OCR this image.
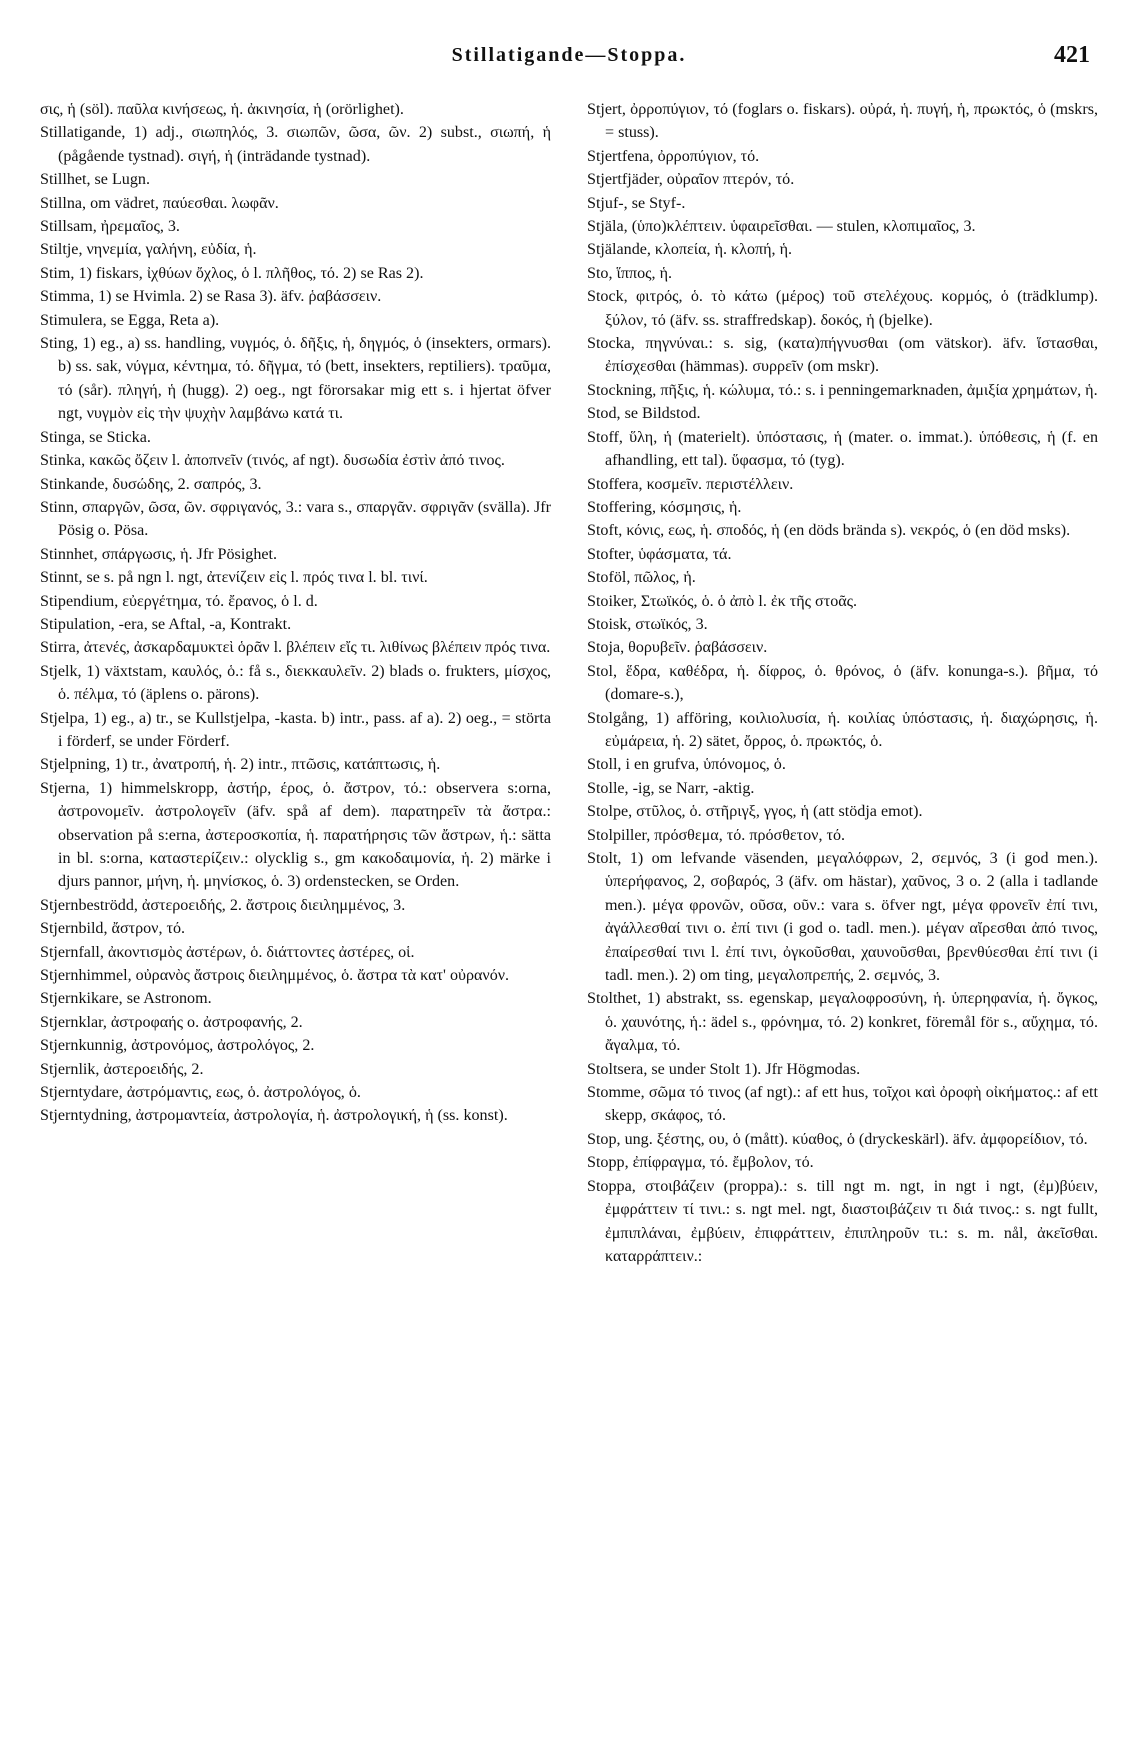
Stillatigande—Stoppa.	421

σις, ἡ (söl). παῦλα κινήσεως, ἡ. ἀκινησία, ἡ (orörlighet).

Stillatigande, 1) adj., σιωπηλός, 3. σιωπῶν, ῶσα, ῶν. 2) subst., σιωπή, ἡ (pågående tystnad). σιγή, ἡ (inträdande tystnad).

Stillhet, se Lugn.

Stillna, om vädret, παύεσθαι. λωφᾶν.

Stillsam, ἠρεμαῖος, 3.

Stiltje, νηνεμία, γαλήνη, εὐδία, ἡ.

Stim, 1) fiskars, ἰχθύων ὄχλος, ὁ l. πλῆθος, τό. 2) se Ras 2).

Stimma, 1) se Hvimla. 2) se Rasa 3). äfv. ῥαβάσσειν.

Stimulera, se Egga, Reta a).

Sting, 1) eg., a) ss. handling, νυγμός, ὁ. δῆξις, ἡ, δηγμός, ὁ (insekters, ormars). b) ss. sak, νύγμα, κέντημα, τό. δῆγμα, τό (bett, insekters, reptiliers). τραῦμα, τό (sår). πληγή, ἡ (hugg). 2) oeg., ngt förorsakar mig ett s. i hjertat öfver ngt, νυγμὸν εἰς τὴν ψυχὴν λαμβάνω κατά τι.

Stinga, se Sticka.

Stinka, κακῶς ὄζειν l. ἀποπνεῖν (τινός, af ngt). δυσωδία ἐστὶν ἀπό τινος.

Stinkande, δυσώδης, 2. σαπρός, 3.

Stinn, σπαργῶν, ῶσα, ῶν. σφριγανός, 3.: vara s., σπαργᾶν. σφριγᾶν (svälla). Jfr Pösig o. Pösa.

Stinnhet, σπάργωσις, ἡ. Jfr Pösighet.

Stinnt, se s. på ngn l. ngt, ἀτενίζειν εἰς l. πρός τινα l. bl. τινί.

Stipendium, εὐεργέτημα, τό. ἔρανος, ὁ l. d.

Stipulation, -era, se Aftal, -a, Kontrakt.

Stirra, ἀτενές, ἀσκαρδαμυκτεὶ ὁρᾶν l. βλέπειν εἴς τι. λιθίνως βλέπειν πρός τινα.

Stjelk, 1) växtstam, καυλός, ὁ.: få s., διεκκαυλεῖν. 2) blads o. frukters, μίσχος, ὁ. πέλμα, τό (äplens o. pärons).

Stjelpa, 1) eg., a) tr., se Kullstjelpa, -kasta. b) intr., pass. af a). 2) oeg., = störta i förderf, se under Förderf.

Stjelpning, 1) tr., ἀνατροπή, ἡ. 2) intr., πτῶσις, κατάπτωσις, ἡ.

Stjerna, 1) himmelskropp, ἀστήρ, έρος, ὁ. ἄστρον, τό.: observera s:orna, ἀστρονομεῖν. ἀστρολογεῖν (äfv. spå af dem). παρατηρεῖν τὰ ἄστρα.: observation på s:erna, ἀστεροσκοπία, ἡ. παρατήρησις τῶν ἄστρων, ἡ.: sätta in bl. s:orna, καταστερίζειν.: olycklig s., gm κακοδαιμονία, ἡ. 2) märke i djurs pannor, μήνη, ἡ. μηνίσκος, ὁ. 3) ordenstecken, se Orden.

Stjernbeströdd, ἀστεροειδής, 2. ἄστροις διειλημμένος, 3.

Stjernbild, ἄστρον, τό.

Stjernfall, ἀκοντισμὸς ἀστέρων, ὁ. διάττοντες ἀστέρες, οἱ.

Stjernhimmel, οὐρανὸς ἄστροις διειλημμένος, ὁ. ἄστρα τὰ κατ' οὐρανόν.

Stjernkikare, se Astronom.

Stjernklar, ἀστροφαής o. ἀστροφανής, 2.

Stjernkunnig, ἀστρονόμος, ἀστρολόγος, 2.

Stjernlik, ἀστεροειδής, 2.

Stjerntydare, ἀστρόμαντις, εως, ὁ. ἀστρολόγος, ὁ.

Stjerntydning, ἀστρομαντεία, ἀστρολογία, ἡ. ἀστρολογική, ἡ (ss. konst).

Stjert, ὀρροπύγιον, τό (foglars o. fiskars). οὐρά, ἡ. πυγή, ἡ, πρωκτός, ὁ (mskrs, = stuss).

Stjertfena, ὀρροπύγιον, τό.

Stjertfjäder, οὐραῖον πτερόν, τό.

Stjuf-, se Styf-.

Stjäla, (ὑπο)κλέπτειν. ὑφαιρεῖσθαι. — stulen, κλοπιμαῖος, 3.

Stjälande, κλοπεία, ἡ. κλοπή, ἡ.

Sto, ἵππος, ἡ.

Stock, φιτρός, ὁ. τὸ κάτω (μέρος) τοῦ στελέχους. κορμός, ὁ (trädklump). ξύλον, τό (äfv. ss. straffredskap). δοκός, ἡ (bjelke).

Stocka, πηγνύναι.: s. sig, (κατα)πήγνυσθαι (om vätskor). äfv. ἵστασθαι, ἐπίσχεσθαι (hämmas). συρρεῖν (om mskr).

Stockning, πῆξις, ἡ. κώλυμα, τό.: s. i penningemarknaden, ἀμιξία χρημάτων, ἡ.

Stod, se Bildstod.

Stoff, ὕλη, ἡ (materielt). ὑπόστασις, ἡ (mater. o. immat.). ὑπόθεσις, ἡ (f. en afhandling, ett tal). ὕφασμα, τό (tyg).

Stoffera, κοσμεῖν. περιστέλλειν.

Stoffering, κόσμησις, ἡ.

Stoft, κόνις, εως, ἡ. σποδός, ἡ (en döds brända s). νεκρός, ὁ (en död msks).

Stofter, ὑφάσματα, τά.

Stoföl, πῶλος, ἡ.

Stoiker, Στωϊκός, ὁ. ὁ ἀπὸ l. ἐκ τῆς στοᾶς.

Stoisk, στωϊκός, 3.

Stoja, θορυβεῖν. ῥαβάσσειν.

Stol, ἕδρα, καθέδρα, ἡ. δίφρος, ὁ. θρόνος, ὁ (äfv. konunga-s.). βῆμα, τό (domare-s.),

Stolgång, 1) afföring, κοιλιολυσία, ἡ. κοιλίας ὑπόστασις, ἡ. διαχώρησις, ἡ. εὐμάρεια, ἡ. 2) sätet, ὄρρος, ὁ. πρωκτός, ὁ.

Stoll, i en grufva, ὑπόνομος, ὁ.

Stolle, -ig, se Narr, -aktig.

Stolpe, στῦλος, ὁ. στῆριγξ, γγος, ἡ (att stödja emot).

Stolpiller, πρόσθεμα, τό. πρόσθετον, τό.

Stolt, 1) om lefvande väsenden, μεγαλόφρων, 2, σεμνός, 3 (i god men.). ὑπερήφανος, 2, σοβαρός, 3 (äfv. om hästar), χαῦνος, 3 o. 2 (alla i tadlande men.). μέγα φρονῶν, οῦσα, οῦν.: vara s. öfver ngt, μέγα φρονεῖν ἐπί τινι, ἀγάλλεσθαί τινι o. ἐπί τινι (i god o. tadl. men.). μέγαν αἴρεσθαι ἀπό τινος, ἐπαίρεσθαί τινι l. ἐπί τινι, ὀγκοῦσθαι, χαυνοῦσθαι, βρενθύεσθαι ἐπί τινι (i tadl. men.). 2) om ting, μεγαλοπρεπής, 2. σεμνός, 3.

Stolthet, 1) abstrakt, ss. egenskap, μεγαλοφροσύνη, ἡ. ὑπερηφανία, ἡ. ὄγκος, ὁ. χαυνότης, ἡ.: ädel s., φρόνημα, τό. 2) konkret, föremål för s., αὔχημα, τό. ἄγαλμα, τό.

Stoltsera, se under Stolt 1). Jfr Högmodas.

Stomme, σῶμα τό τινος (af ngt).: af ett hus, τοῖχοι καὶ ὀροφὴ οἰκήματος.: af ett skepp, σκάφος, τό.

Stop, ung. ξέστης, ου, ὁ (mått). κύαθος, ὁ (dryckeskärl). äfv. ἀμφορείδιον, τό.

Stopp, ἐπίφραγμα, τό. ἔμβολον, τό.

Stoppa, στοιβάζειν (proppa).: s. till ngt m. ngt, in ngt i ngt, (ἐμ)βύειν, ἐμφράττειν τί τινι.: s. ngt mel. ngt, διαστοιβάζειν τι διά τινος.: s. ngt fullt, ἐμπιπλάναι, ἐμβύειν, ἐπιφράττειν, ἐπιπληροῦν τι.: s. m. nål, ἀκεῖσθαι. καταρράπτειν.:
